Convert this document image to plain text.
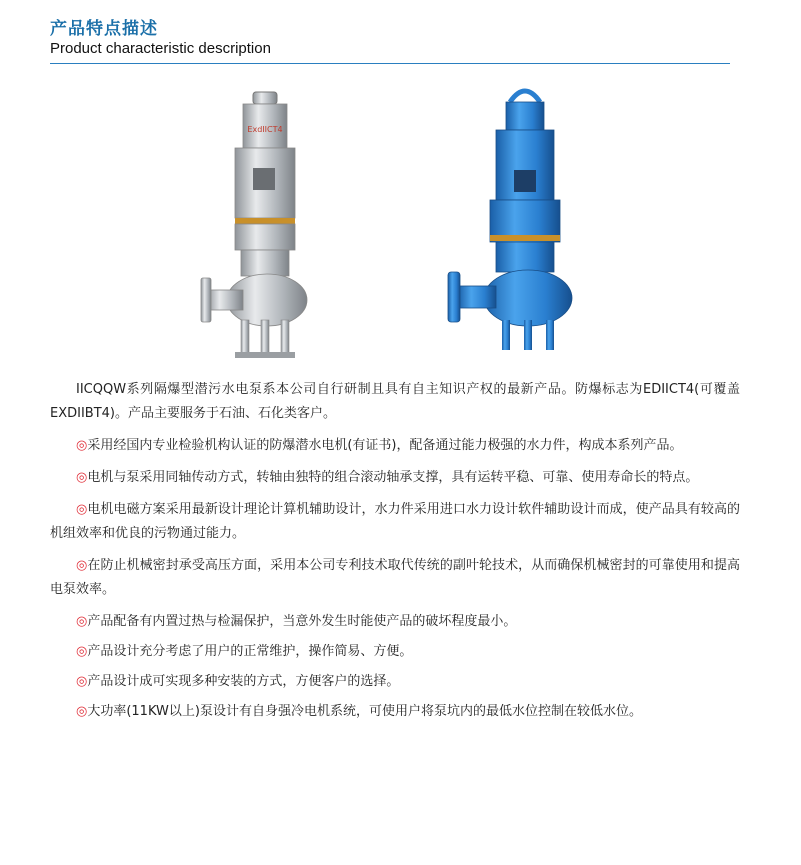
产品特点描述
Product characteristic description
ExdIICT4

IICQQW系列隔爆型潜污水电泵系本公司自行研制且具有自主知识产权的最新产品。防爆标志为EDIICT4(可覆盖EXDIIBT4)。产品主要服务于石油、石化类客户。

◎采用经国内专业检验机构认证的防爆潜水电机(有证书)，配备通过能力极强的水力件，构成本系列产品。

◎电机与泵采用同轴传动方式，转轴由独特的组合滚动轴承支撑，具有运转平稳、可靠、使用寿命长的特点。

◎电机电磁方案采用最新设计理论计算机辅助设计，水力件采用进口水力设计软件辅助设计而成，使产品具有较高的机组效率和优良的污物通过能力。

◎在防止机械密封承受高压方面，采用本公司专利技术取代传统的副叶轮技术，从而确保机械密封的可靠使用和提高电泵效率。

◎产品配备有内置过热与检漏保护，当意外发生时能使产品的破坏程度最小。

◎产品设计充分考虑了用户的正常维护，操作简易、方便。

◎产品设计成可实现多种安装的方式，方便客户的选择。

◎大功率(11KW以上)泵设计有自身强冷电机系统，可使用户将泵坑内的最低水位控制在较低水位。
